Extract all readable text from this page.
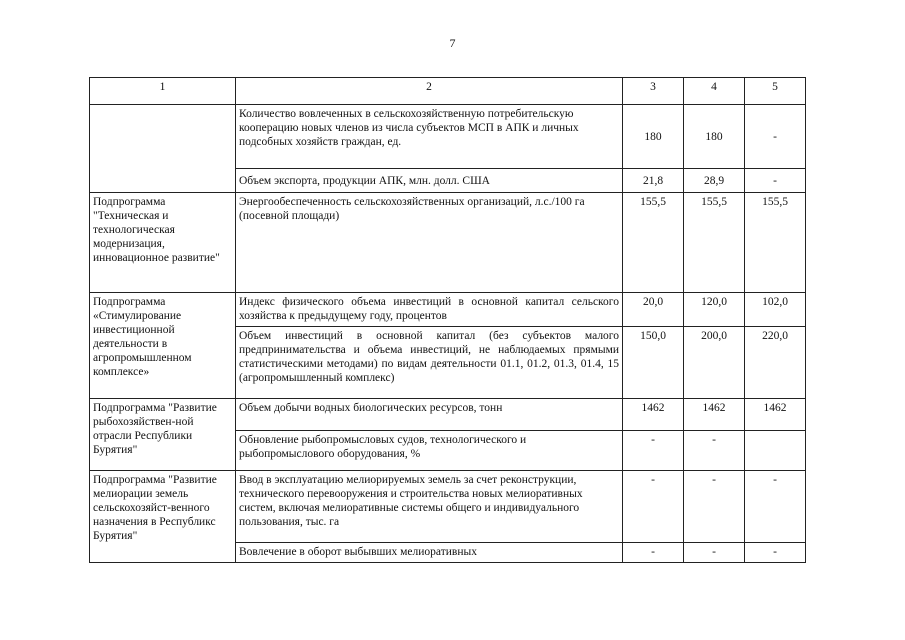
7
1	2	3	4	5
	Количество вовлеченных в сельскохозяйственную потребительскую кооперацию новых членов из числа субъектов МСП в АПК и личных подсобных хозяйств граждан, ед.	180	180	-
	Объем экспорта, продукции АПК, млн. долл. США	21,8	28,9	-
Подпрограмма "Техническая и технологическая модернизация, инновационное развитие"	Энергообеспеченность сельскохозяйственных организаций, л.с./100 га (посевной площади)	155,5	155,5	155,5
Подпрограмма «Стимулирование инвестиционной деятельности в агропромышленном комплексе»	Индекс физического объема инвестиций в основной капитал сельского хозяйства к предыдущему году, процентов	20,0	120,0	102,0
	Объем инвестиций в основной капитал (без субъектов малого предпринимательства и объема инвестиций, не наблюдаемых прямыми статистическими методами) по видам деятельности 01.1, 01.2, 01.3, 01.4, 15 (агропромышленный комплекс)	150,0	200,0	220,0
Подпрограмма "Развитие рыбохозяйствен-ной отрасли Республики Бурятия"	Объем добычи водных биологических ресурсов, тонн	1462	1462	1462
	Обновление рыбопромысловых судов, технологического и рыбопромыслового оборудования, %	-	-	
Подпрограмма "Развитие мелиорации земель сельскохозяйст-венного назначения в Республикс Бурятия"	Ввод в эксплуатацию мелиорируемых земель за счет реконструкции, технического перевооружения и строительства новых мелиоративных систем, включая мелиоративные системы общего и индивидуального пользования, тыс. га	-	-	-
	Вовлечение в оборот выбывших мелиоративных	-	-	-
